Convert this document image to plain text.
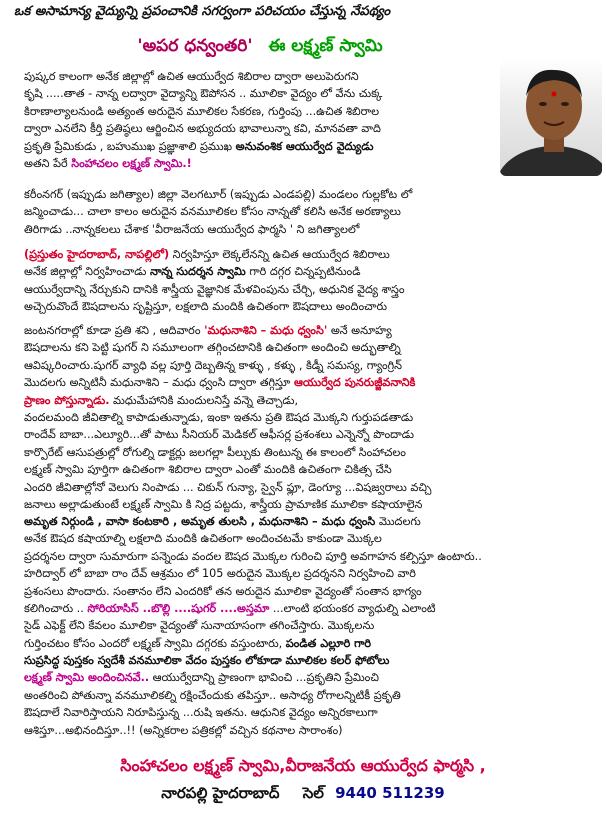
ఒక అసామాన్య వైద్యున్ని ప్రపంచానికి సగర్వంగా పరిచయం చేస్తున్న నేపథ్యం
'అపర ధన్వంతరి' ఈ లక్ష్మణ్ స్వామి
పుష్కర కాలంగా అనేక జిల్లాల్లో ఉచిత ఆయుర్వేద శిబిరాల ద్వారా అలుపెరుగని
కృషి .....తాత - నాన్న లద్వారా వైద్యాన్ని ఔపోసన .. మూలికా వైద్యం లో వేను చుక్క
కిరాణాల్యాలనుండి అత్యంత అరుదైన మూలికల సేకరణ, గుర్తింపు ...ఉచిత శిబిరాల
ద్వారా ఎనలేని కీర్తి ప్రతిష్ఠలు ఆర్జించిన అభ్యుదయ భావాలున్నా కవి, మానవతా వాది
ప్రకృతి ప్రేమికుడు , బహుముఖ ప్రజ్ఞాశాలి ప్రముఖ అనువంశిక ఆయుర్వేద వైద్యుడు
అతని పేరే సింహాచలం లక్ష్మణ్ స్వామి.!
కరీంనగర్ (ఇప్పుడు జగిత్యాల) జిల్లా వెలగటూర్ (ఇప్పుడు ఎండపల్లి) మండలం గుల్లకోట లో
జన్మించాడు... చాలా కాలం అరుదైన వనమూలికల కోసం నాన్నతో కలిసి అనేక అరణ్యాలు
తిరిగాడు ..నాన్నకలలు చేశాక 'వీరాజనేయ ఆయుర్వేద ఫార్మసి ' ని జగిత్యాలలో
(ప్రస్తుతం హైదరాబాద్, నాపల్లిలో) నిర్వహిస్తూ లెక్కలేనన్ని ఉచిత ఆయుర్వేద శిబిరాలు
అనేక జిల్లాల్లో నిర్వహించాడు నాన్న సుదర్శన స్వామి గారి దగ్గర చిన్నప్పటినుండి
ఆయుర్వేదాన్ని నేర్చుకుని దానికి శాస్త్రీయ వైజ్ఞానిక మేళవింపును చేర్చి, అధునిక వైద్య శాస్త్రం
అచ్చెరువొందే ఔషదాలను సృష్టిస్తూ, లక్షలాది మందికి ఉచితంగా ఔషదాలు అందించారు
జంటనగరాల్లో కూడా ప్రతి శని , ఆదివారం 'మధునాశిని – మధు ధ్వంసి' అనే అనూహ్య
ఔషదాలను కని పెట్టి షుగర్ ని సమూలంగా తగ్గించటానికి ఉచితంగా అందించి అద్భుతాల్ని
ఆవిష్కరించారు.షుగర్ వ్యాధి వల్ల పూర్తి దెబ్బతిన్న కాళ్ళు , కళ్ళు , కిడ్నీ సమస్య, గ్యాంగ్రిన్
మొదలగు అన్నిటినీ మధునాశిని – మధు ధ్వంసి ద్వారా తగ్గిస్తూ ఆయుర్వేద పునరుజ్జీవనానికి
ప్రాణం పోస్తున్నాడు. మధుమేహానికి మందులనిస్తే వన్నె తెచ్చాడు,
వందలమంది జీవితాల్ని కాపాడుతున్నాడు, ఇంకా ఇతను ప్రతి ఔషద మొక్కని గుర్తుపడతాడు
రాందేవ్ బాబా...ఎల్యూరి...తో పాటు సీనియర్ మెడికల్ ఆఫీసర్ల ప్రశంశలు ఎన్నెన్నో పొందాడు
కార్పొరేట్ ఆసుపత్రుల్లో రోగుల్ని డాక్టర్లు జలగల్లా పీల్చుకు తింటున్న ఈ కాలంలో సింహాచలం
లక్ష్మణ్ స్వామి పూర్తిగా ఉచితంగా శిబిరాల ద్వారా ఎంతో మందికి ఉచితంగా చికిత్స చేసి
ఎందరి జీవితాల్లోనో వెలుగు నింపాడు ... చికున్ గున్యా, స్వైన్ ఫ్లూ, డెంగ్యూ ...విషజ్వరాలు వచ్చి
జనాలు అల్లాడుతుంటే లక్ష్మణ్ స్వామి కి నిద్ర పట్టదు, శాస్త్రీయ ప్రామాణిక మూలికా కషాయాలైన
అమృత నిర్గుండి , వాసా కంటకారి , అమృత తులసి , మధునాశిని – మధు ధ్వంసి మొదలగు
అనేక ఔషద కషాయాల్ని లక్షలాది మందికి ఉచితంగా అందించటమే కాకుండా మొక్కల
ప్రదర్శనల ద్వారా సుమారుగా పన్నెండు వందల ఔషద మొక్కల గురించి పూర్తి అవగాహన కల్పిస్తూ ఉంటారు..
హరిద్వార్ లో బాబా రాం దేవ్ ఆశ్రమం లో 105 అరుదైన మొక్కల ప్రదర్శనని నిర్వహించి వారి
ప్రశంసలు పొందారు. సంతానం లేని ఎందరికో తన అరుదైన మూలికా వైద్యంతో సంతాన భాగ్యం
కలిగించారు .. సోరియాసిస్ ..బొల్లి ....షుగర్ ....అస్తమా ...లాంటి భయంకర వ్యాధుల్ని ఎలాంటి
సైడ్ ఎఫెక్ట్ లేని కేవలం మూలికా వైద్యంతో సునాయాసంగా తగించేస్తారు. మొక్కలను
గుర్తించటం కోసం ఎందరో లక్ష్మణ్ స్వామి దగ్గరకు వస్తుంటారు, పండిత ఎల్లూరి గారి
సుప్రసిద్ధ పుస్తకం స్వదేశీ వనమూలికా వేదం పుస్తకం లోకూడా మూలికల కలర్ ఫోటోలు
లక్ష్మణ్ స్వామి అందించినవే.. ఆయుర్వేదాన్ని ప్రాణంగా భావించి ...ప్రకృతిని ప్రేమించి
అంతరించి పోతున్నా వనమూలికల్ని రక్షించేందుకు తపిస్తూ.. అసాధ్య రోగాలన్నిటికీ ప్రకృతి
ఔషదాలే నివారిస్తాయని నిరూపిస్తున్న ...రుషి ఇతను. ఆధునిక వైద్యం అన్నిరకాలుగా
ఆశిస్తూ...అభినందిస్తూ..!! (అన్నికరాల పత్రికల్లో వచ్చిన కథనాల సారాంశం)
సింహాచలం లక్ష్మణ్ స్వామి,వీరాజనేయ ఆయుర్వేద ఫార్మసి ,
నారపల్లి హైదరాబాద్ సెల్ 9440 511239
